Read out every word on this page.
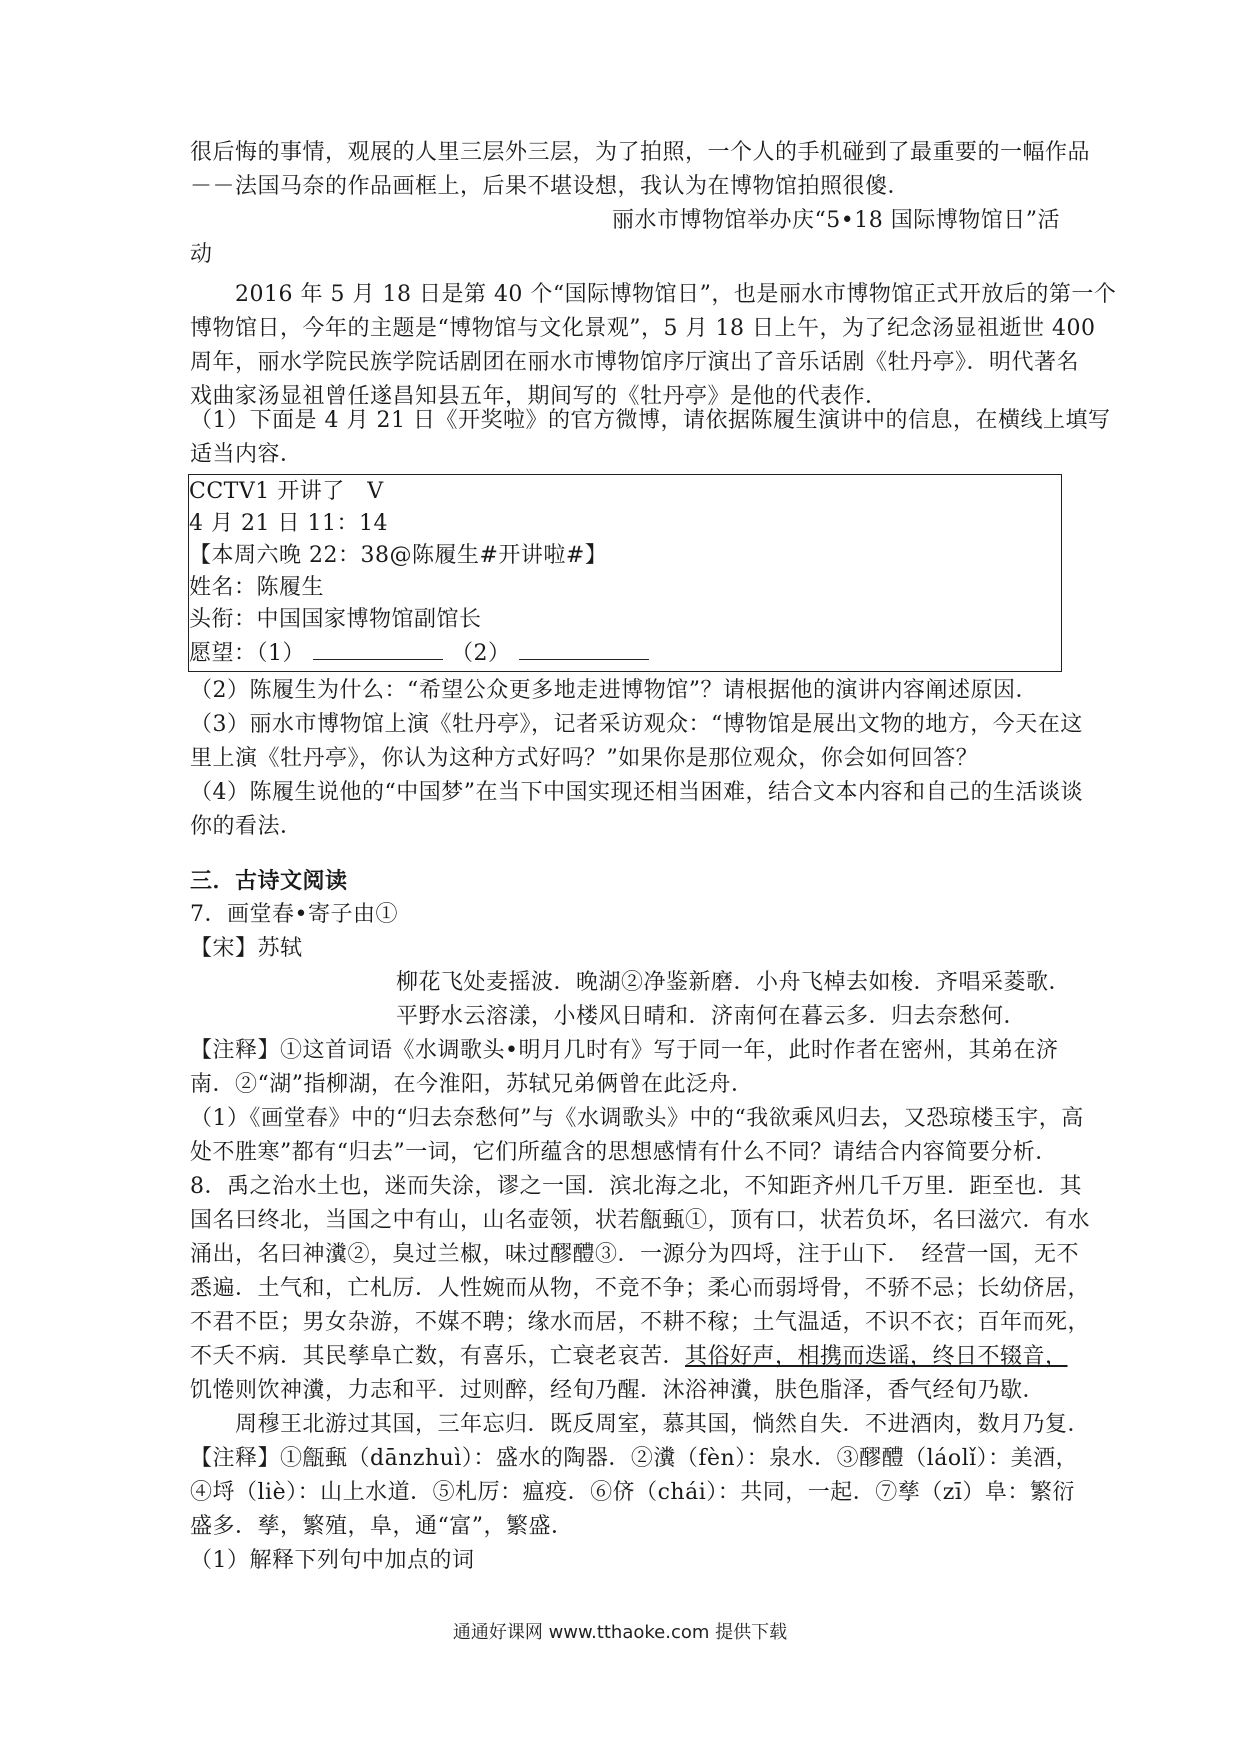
很后悔的事情，观展的人里三层外三层，为了拍照，一个人的手机碰到了最重要的一幅作品
－－法国马奈的作品画框上，后果不堪设想，我认为在博物馆拍照很傻．
丽水市博物馆举办庆“5•18 国际博物馆日”活
动
　　2016 年 5 月 18 日是第 40 个“国际博物馆日”，也是丽水市博物馆正式开放后的第一个
博物馆日，今年的主题是“博物馆与文化景观”，5 月 18 日上午，为了纪念汤显祖逝世 400
周年，丽水学院民族学院话剧团在丽水市博物馆序厅演出了音乐话剧《牡丹亭》．明代著名
戏曲家汤显祖曾任遂昌知县五年，期间写的《牡丹亭》是他的代表作．
（1）下面是 4 月 21 日《开奖啦》的官方微博，请依据陈履生演讲中的信息，在横线上填写
适当内容．
CCTV1 开讲了　V
4 月 21 日 11：14
【本周六晚 22：38@陈履生#开讲啦#】
姓名：陈履生
头衔：中国国家博物馆副馆长
愿望：（1）	（2）
（2）陈履生为什么：“希望公众更多地走进博物馆”？请根据他的演讲内容阐述原因．
（3）丽水市博物馆上演《牡丹亭》，记者采访观众：“博物馆是展出文物的地方，今天在这
里上演《牡丹亭》，你认为这种方式好吗？”如果你是那位观众，你会如何回答？
（4）陈履生说他的“中国梦”在当下中国实现还相当困难，结合文本内容和自己的生活谈谈
你的看法．
三．古诗文阅读
7．画堂春•寄子由①
【宋】苏轼
柳花飞处麦摇波．晚湖②净鉴新磨．小舟飞棹去如梭．齐唱采菱歌．
平野水云溶漾，小楼风日晴和．济南何在暮云多．归去奈愁何．
【注释】①这首词语《水调歌头•明月几时有》写于同一年，此时作者在密州，其弟在济
南．②“湖”指柳湖，在今淮阳，苏轼兄弟俩曾在此泛舟．
（1）《画堂春》中的“归去奈愁何”与《水调歌头》中的“我欲乘风归去，又恐琼楼玉宇，高
处不胜寒”都有“归去”一词，它们所蕴含的思想感情有什么不同？请结合内容简要分析．
8．禹之治水土也，迷而失涂，谬之一国．滨北海之北，不知距齐州几千万里．距至也．其
国名曰终北，当国之中有山，山名壶领，状若甔甀①，顶有口，状若负坏，名曰滋穴．有水
涌出，名曰神瀵②，臭过兰椒，味过醪醴③．一源分为四埒，注于山下．　经营一国，无不
悉遍．土气和，亡札厉．人性婉而从物，不竞不争；柔心而弱埒骨，不骄不忌；长幼侪居，
不君不臣；男女杂游，不媒不聘；缘水而居，不耕不稼；土气温适，不识不衣；百年而死，
不夭不病．其民孳阜亡数，有喜乐，亡衰老哀苦．其俗好声，相携而迭谣，终日不辍音，
饥惓则饮神瀵，力志和平．过则醉，经旬乃醒．沐浴神瀵，肤色脂泽，香气经旬乃歇．
　　周穆王北游过其国，三年忘归．既反周室，慕其国，惝然自失．不进酒肉，数月乃复．
【注释】①甔甀（dānzhuì）：盛水的陶器．②瀵（fèn）：泉水．③醪醴（láolǐ）：美酒，
④埒（liè）：山上水道．⑤札厉：瘟疫．⑥侪（chái）：共同，一起．⑦孳（zī）阜：繁衍
盛多．孳，繁殖，阜，通“富”，繁盛．
（1）解释下列句中加点的词
通通好课网 www.tthaoke.com 提供下载
